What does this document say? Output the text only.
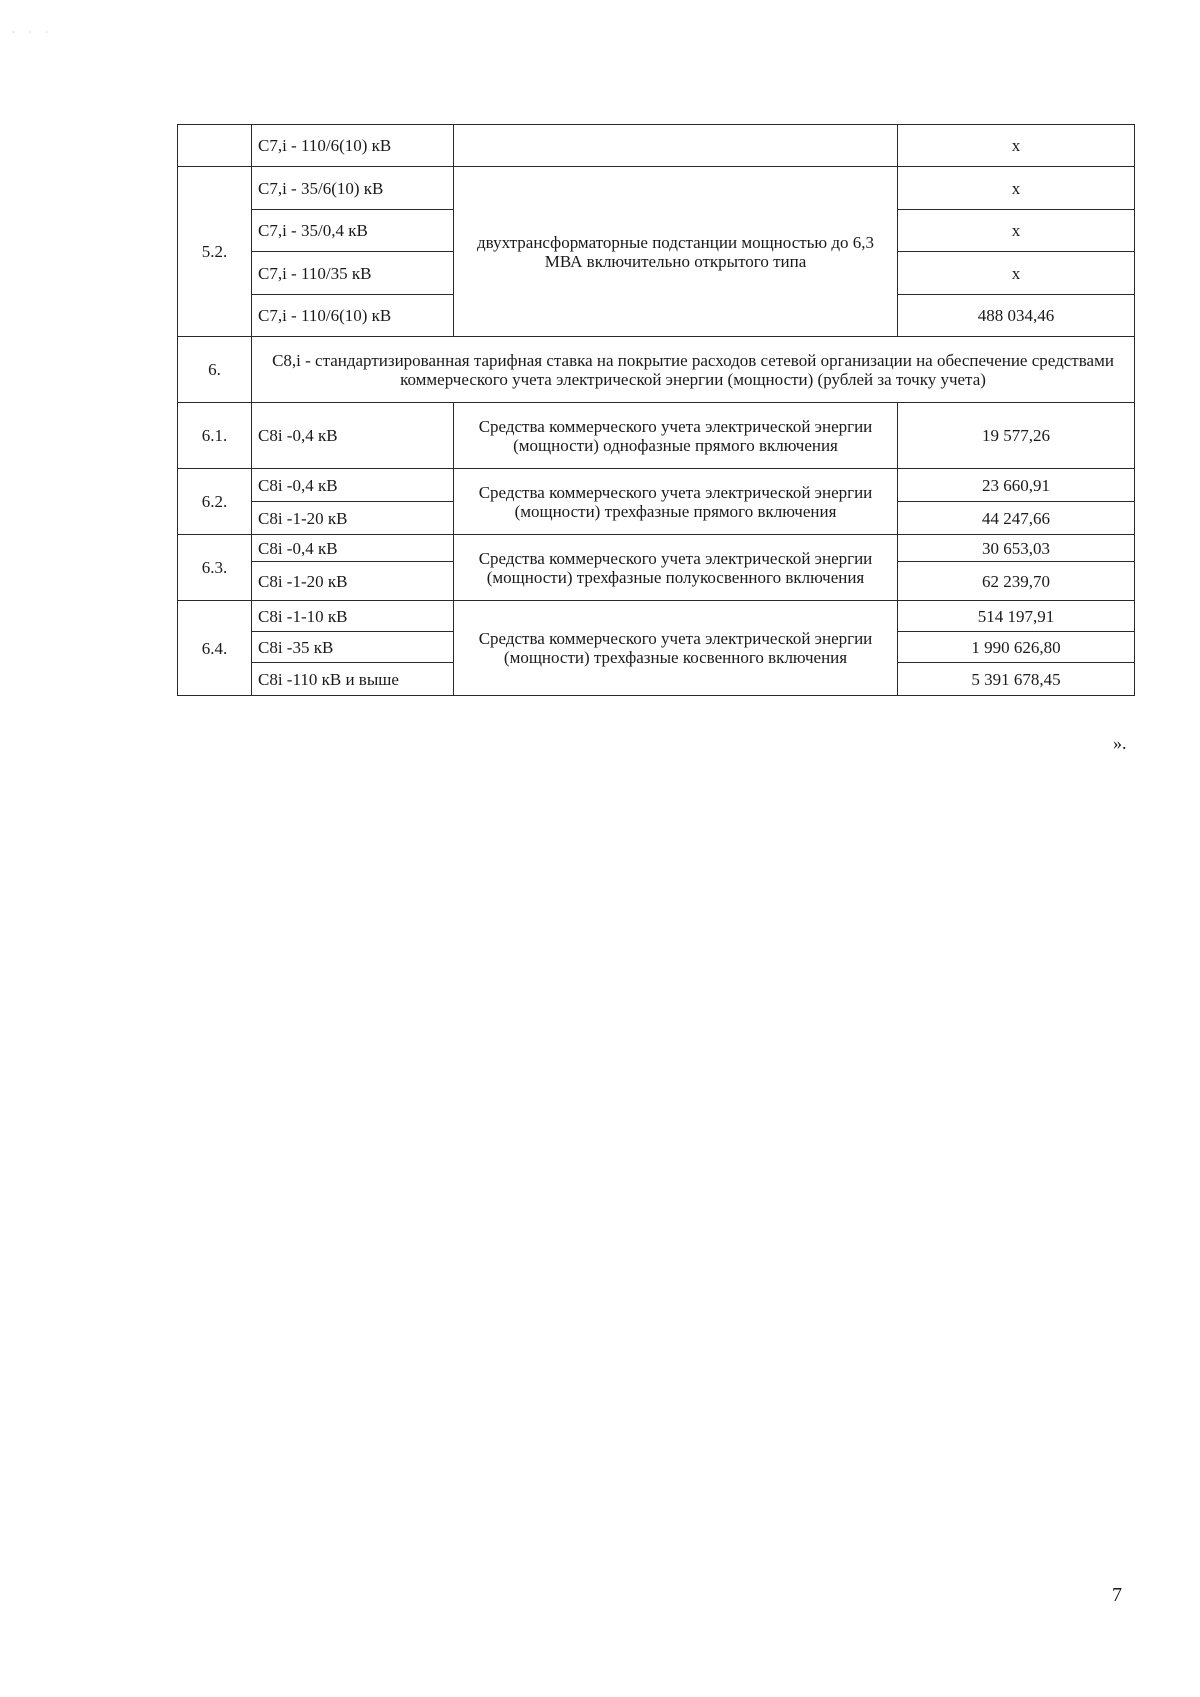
· · ·
	С7,i - 110/6(10) кВ		х
5.2.	С7,i - 35/6(10) кВ	двухтрансформаторные подстанции мощностью до 6,3 МВА включительно открытого типа	х
	С7,i - 35/0,4 кВ		х
	С7,i - 110/35 кВ		х
	С7,i - 110/6(10) кВ		488 034,46
6.	С8,i - стандартизированная тарифная ставка на покрытие расходов сетевой организации на обеспечение средствами коммерческого учета электрической энергии (мощности) (рублей за точку учета)		
6.1.	С8i -0,4 кВ	Средства коммерческого учета электрической энергии (мощности) однофазные прямого включения	19 577,26
6.2.	С8i -0,4 кВ	Средства коммерческого учета электрической энергии (мощности) трехфазные прямого включения	23 660,91
	С8i -1-20 кВ		44 247,66
6.3.	С8i -0,4 кВ	Средства коммерческого учета электрической энергии (мощности) трехфазные полукосвенного включения	30 653,03
	С8i -1-20 кВ		62 239,70
6.4.	С8i -1-10 кВ	Средства коммерческого учета электрической энергии (мощности) трехфазные косвенного включения	514 197,91
	С8i -35 кВ		1 990 626,80
	С8i -110 кВ и выше		5 391 678,45
».
7
